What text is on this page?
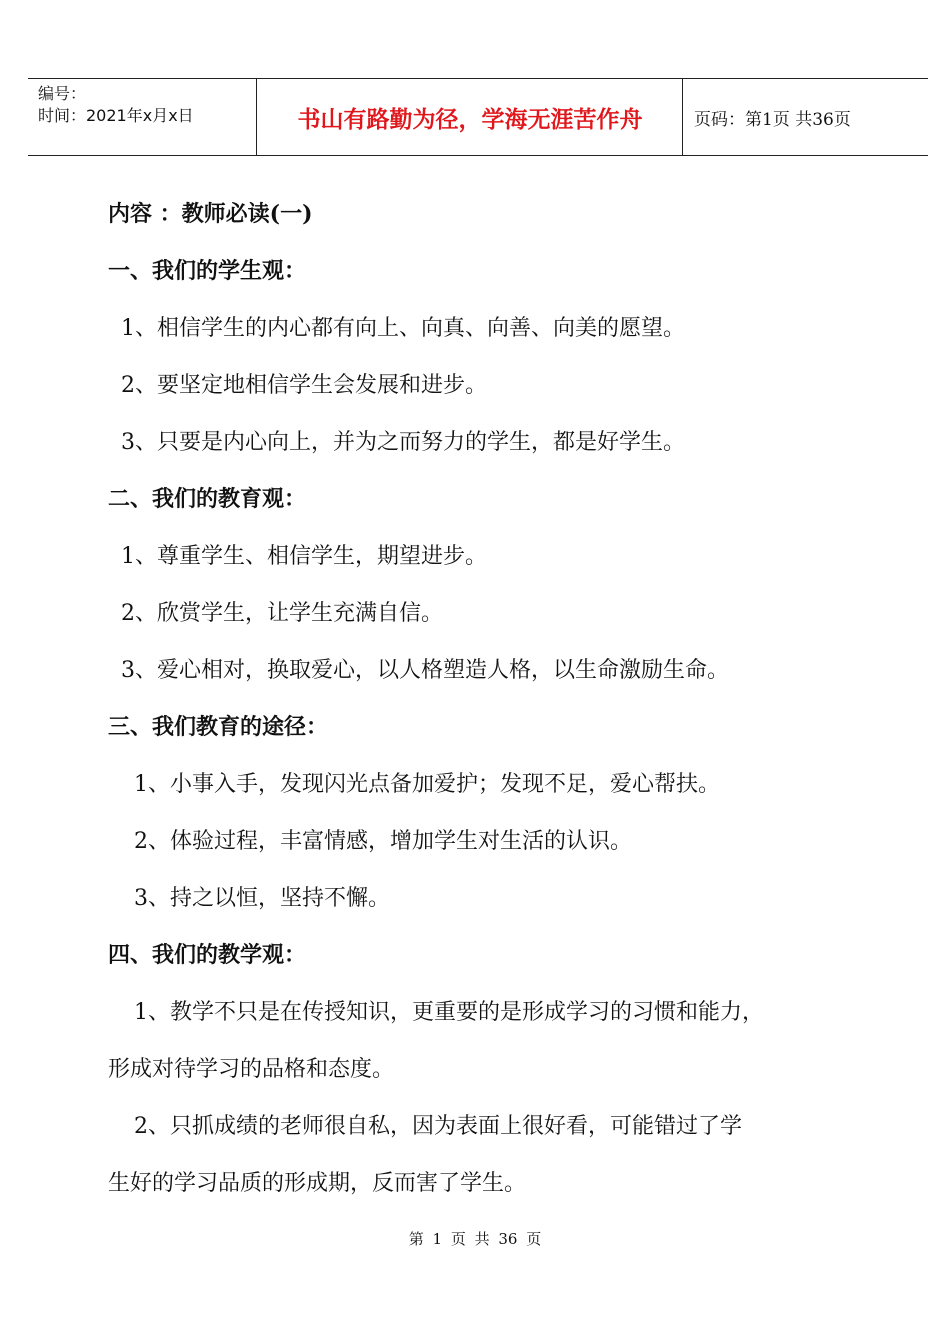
编号：
时间：2021年x月x日	书山有路勤为径，学海无涯苦作舟	页码：第1页 共36页
内容 ：教师必读(一)
一、我们的学生观：
1、相信学生的内心都有向上、向真、向善、向美的愿望。
2、要坚定地相信学生会发展和进步。
3、只要是内心向上，并为之而努力的学生，都是好学生。
二、我们的教育观：
1、尊重学生、相信学生，期望进步。
2、欣赏学生，让学生充满自信。
3、爱心相对，换取爱心，以人格塑造人格，以生命激励生命。
三、我们教育的途径：
1、小事入手，发现闪光点备加爱护；发现不足，爱心帮扶。
2、体验过程，丰富情感，增加学生对生活的认识。
3、持之以恒，坚持不懈。
四、我们的教学观：
1、教学不只是在传授知识，更重要的是形成学习的习惯和能力，
形成对待学习的品格和态度。
2、只抓成绩的老师很自私，因为表面上很好看，可能错过了学
生好的学习品质的形成期，反而害了学生。
第 1 页 共 36 页
